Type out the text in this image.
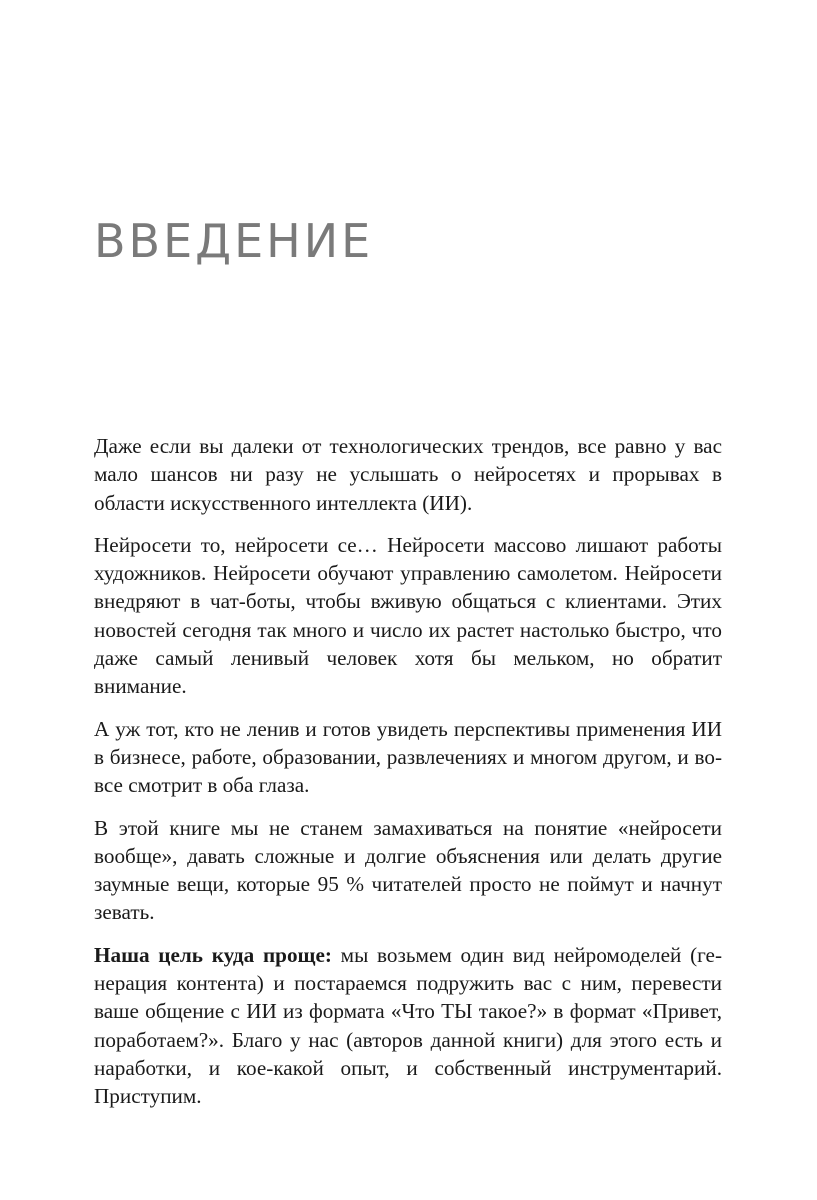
ВВЕДЕНИЕ

Даже если вы далеки от технологических трендов, все равно у вас мало шансов ни разу не услышать о нейросетях и прорывах в области искусственного интеллекта (ИИ).

Нейросети то, нейросети се… Нейросети массово лишают работы художников. Нейросети обучают управлению самолетом. Нейросети внедряют в чат-боты, чтобы вживую общаться с клиентами. Этих новостей сегодня так много и число их растет настолько быстро, что даже самый ленивый человек хотя бы мельком, но обратит внимание.

А уж тот, кто не ленив и готов увидеть перспективы применения ИИ в бизнесе, работе, образовании, развлечениях и многом другом, и вовсе смотрит в оба глаза.

В этой книге мы не станем замахиваться на понятие «нейросети вообще», давать сложные и долгие объяснения или делать другие заумные вещи, которые 95 % читателей просто не поймут и начнут зевать.

Наша цель куда проще: мы возьмем один вид нейромоделей (генерация контента) и постараемся подружить вас с ним, перевести ваше общение с ИИ из формата «Что ТЫ такое?» в формат «Привет, поработаем?». Благо у нас (авторов данной книги) для этого есть и наработки, и кое-какой опыт, и собственный инструментарий. Приступим.
